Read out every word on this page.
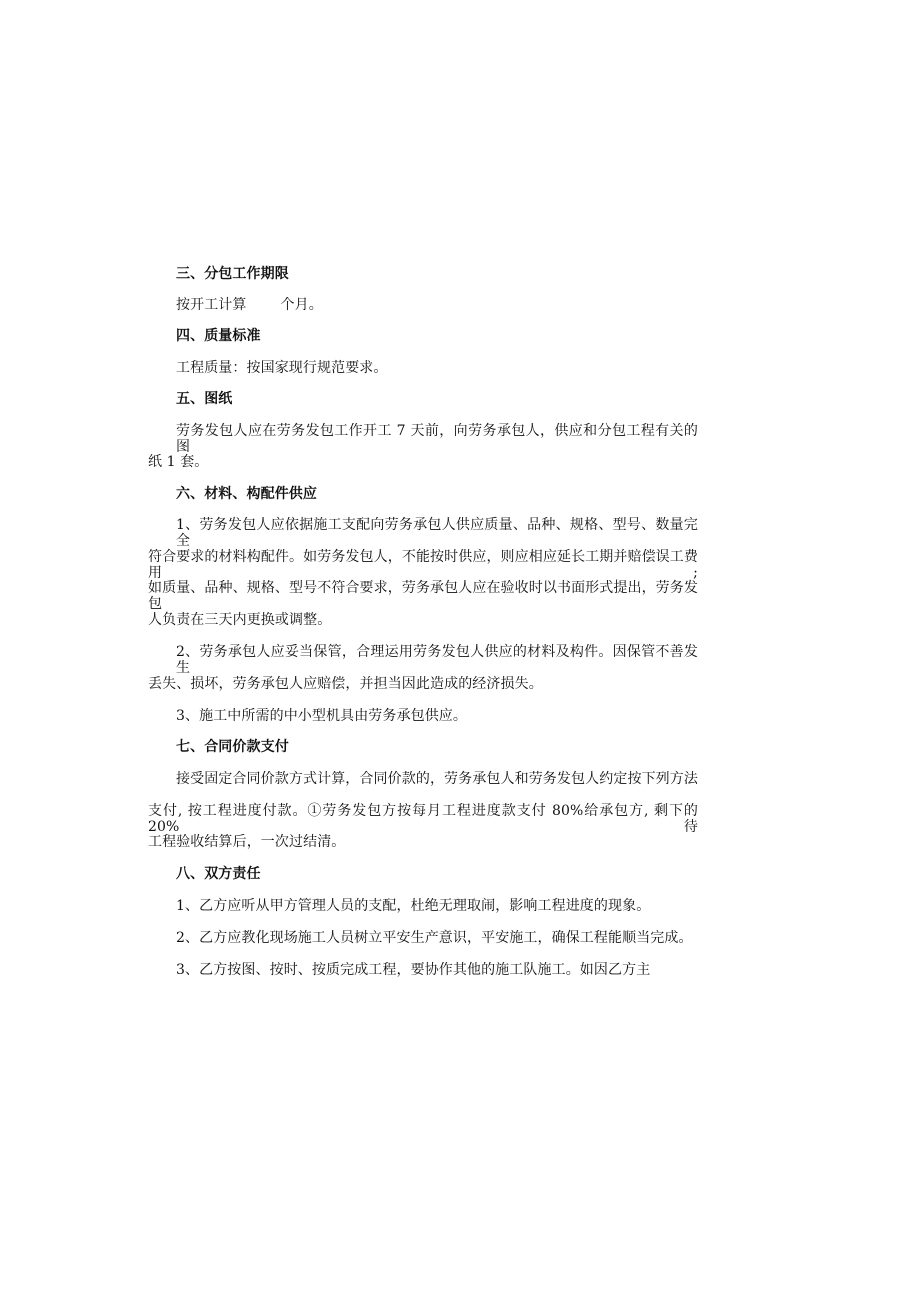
三、分包工作期限
按开工计算 个月。
四、质量标准
工程质量：按国家现行规范要求。
五、图纸
劳务发包人应在劳务发包工作开工 7 天前，向劳务承包人，供应和分包工程有关的图
纸 1 套。
六、材料、构配件供应
1、劳务发包人应依据施工支配向劳务承包人供应质量、品种、规格、型号、数量完全
符合要求的材料构配件。如劳务发包人，不能按时供应，则应相应延长工期并赔偿误工费用;
如质量、品种、规格、型号不符合要求，劳务承包人应在验收时以书面形式提出，劳务发包
人负责在三天内更换或调整。
2、劳务承包人应妥当保管，合理运用劳务发包人供应的材料及构件。因保管不善发生
丢失、损坏，劳务承包人应赔偿，并担当因此造成的经济损失。
3、施工中所需的中小型机具由劳务承包供应。
七、合同价款支付
接受固定合同价款方式计算，合同价款的，劳务承包人和劳务发包人约定按下列方法
支付, 按工程进度付款。①劳务发包方按每月工程进度款支付 80%给承包方, 剩下的 20%待
工程验收结算后，一次过结清。
八、双方责任
1、乙方应听从甲方管理人员的支配，杜绝无理取闹，影响工程进度的现象。
2、乙方应教化现场施工人员树立平安生产意识，平安施工，确保工程能顺当完成。
3、乙方按图、按时、按质完成工程，要协作其他的施工队施工。如因乙方主
